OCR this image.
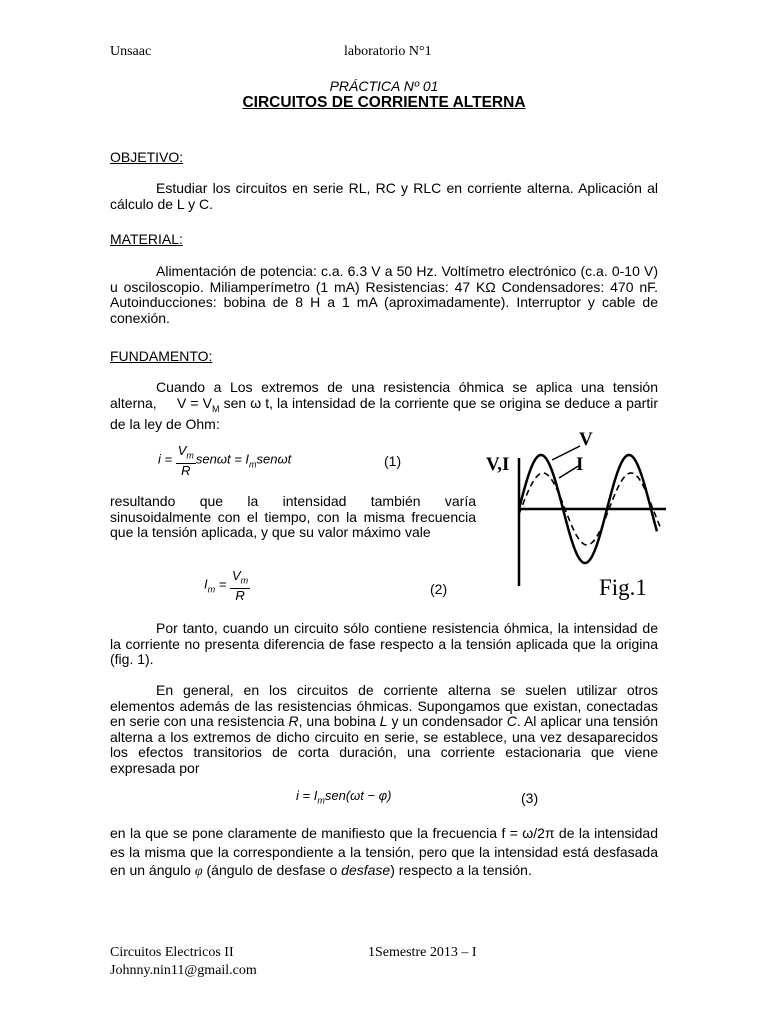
Unsaac	laboratorio N°1
PRÁCTICA Nº 01
CIRCUITOS DE CORRIENTE ALTERNA
OBJETIVO:
Estudiar los circuitos en serie RL, RC y RLC en corriente alterna. Aplicación al cálculo de L y C.
MATERIAL:
Alimentación de potencia: c.a. 6.3 V a 50 Hz. Voltímetro electrónico (c.a. 0-10 V) u osciloscopio. Miliamperímetro (1 mA) Resistencias: 47 KΩ Condensadores: 470 nF. Autoinducciones: bobina de 8 H a 1 mA (aproximadamente). Interruptor y cable de conexión.
FUNDAMENTO:
Cuando a Los extremos de una resistencia óhmica se aplica una tensión alterna, $V = V_M$ sen ω t, la intensidad de la corriente que se origina se deduce a partir de la ley de Ohm:
$i = \frac{V_m}{R}$ $sen\omega t = I_msen\omega t$	(1)
resultando que la intensidad también varía sinusoidalmente con el tiempo, con la misma frecuencia que la tensión aplicada, y que su valor máximo vale
$I_m = \frac{V_m}{R}$	(2)
V,I
V
I
Fig.1
Por tanto, cuando un circuito sólo contiene resistencia óhmica, la intensidad de la corriente no presenta diferencia de fase respecto a la tensión aplicada que la origina (fig. 1).
En general, en los circuitos de corriente alterna se suelen utilizar otros elementos además de las resistencias óhmicas. Supongamos que existan, conectadas en serie con una resistencia R, una bobina L y un condensador C. Al aplicar una tensión alterna a los extremos de dicho circuito en serie, se establece, una vez desaparecidos los efectos transitorios de corta duración, una corriente estacionaria que viene expresada por
$i = I_msen(\omega t - \varphi)$	(3)
en la que se pone claramente de manifiesto que la frecuencia f = ω/2π de la intensidad es la misma que la correspondiente a la tensión, pero que la intensidad está desfasada en un ángulo φ (ángulo de desfase o desfase) respecto a la tensión.
Circuitos Electricos II
Johnny.nin11@gmail.com
1Semestre 2013 – I
